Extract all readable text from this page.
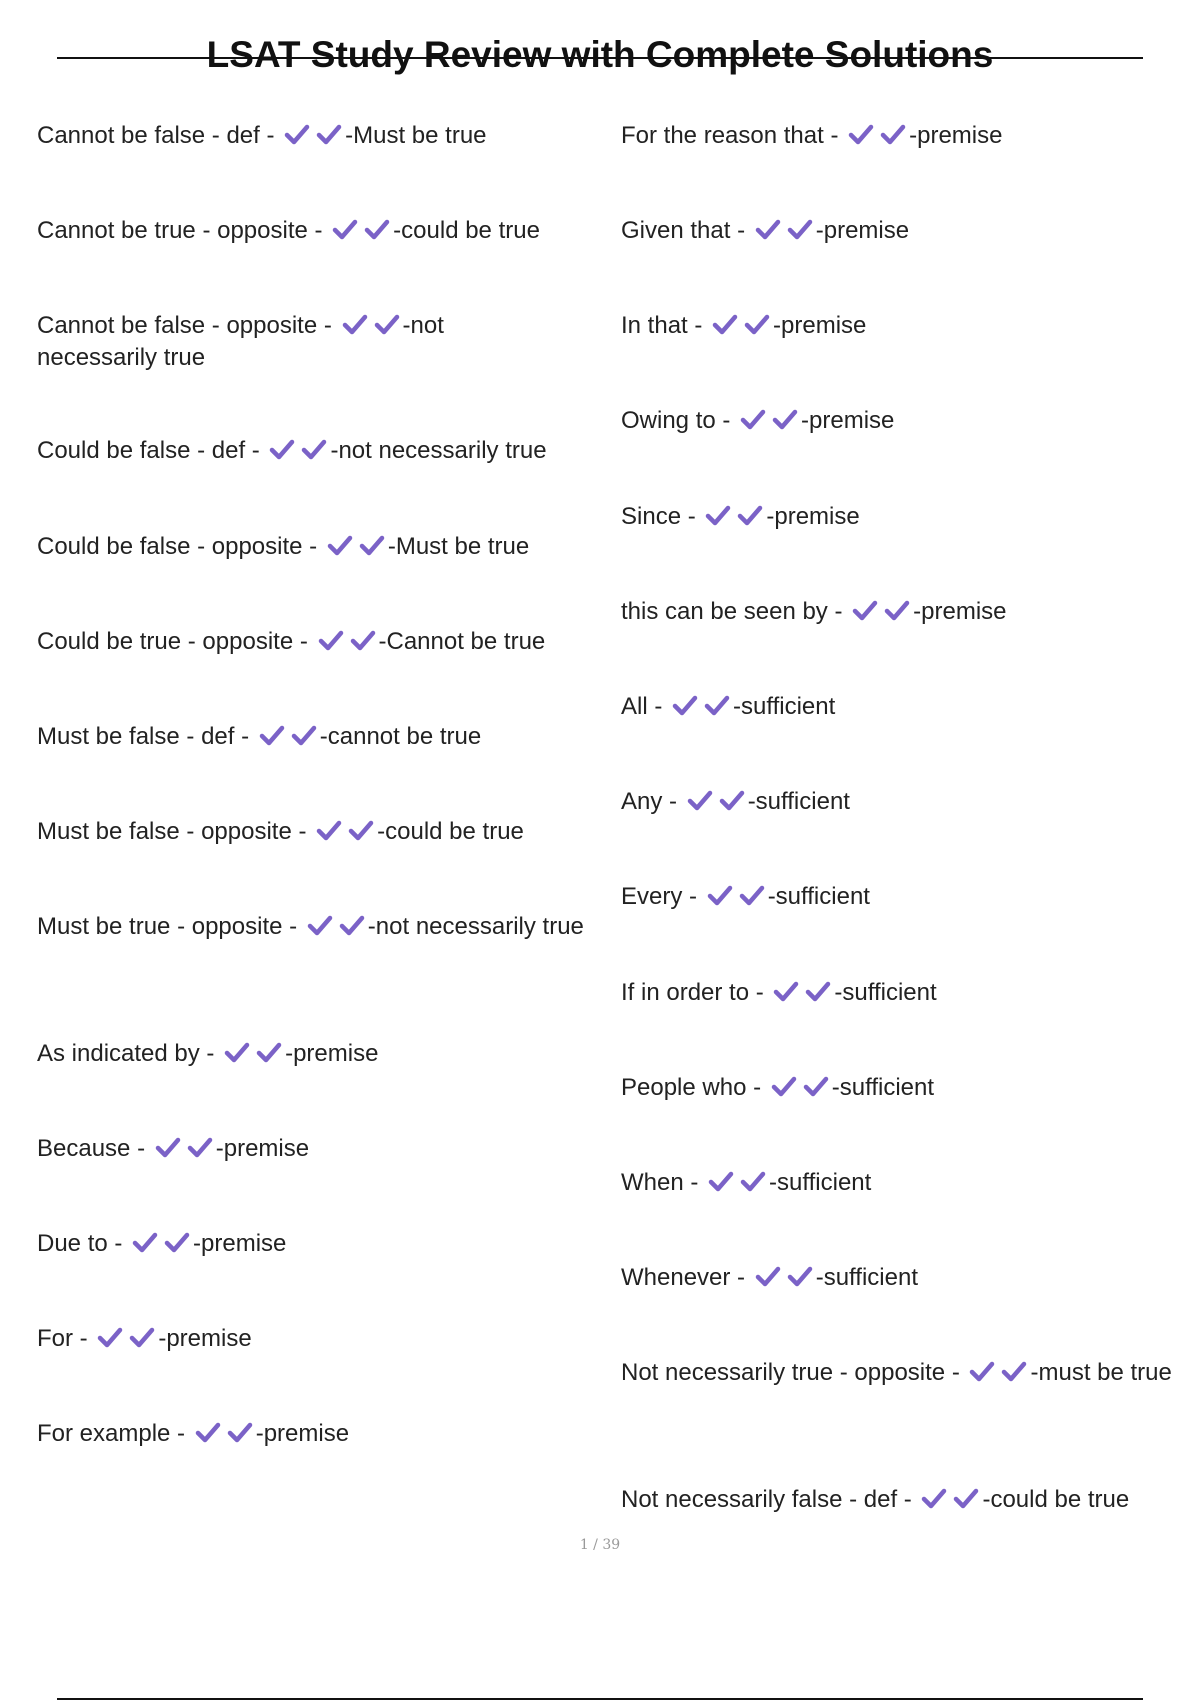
LSAT Study Review with Complete Solutions
Cannot be false - def -	-Must be true
Cannot be true - opposite -	-could be true
Cannot be false - opposite -	-not necessarily true
Could be false - def -	-not necessarily true
Could be false - opposite -	-Must be true
Could be true - opposite -	-Cannot be true
Must be false - def -	-cannot be true
Must be false - opposite -	-could be true
Must be true - opposite -	-not necessarily true
As indicated by -	-premise
Because -	-premise
Due to -	-premise
For -	-premise
For example -	-premise
For the reason that -	-premise
Given that -	-premise
In that -	-premise
Owing to -	-premise
Since -	-premise
this can be seen by -	-premise
All -	-sufficient
Any -	-sufficient
Every -	-sufficient
If in order to -	-sufficient
People who -	-sufficient
When -	-sufficient
Whenever -	-sufficient
Not necessarily true - opposite -	-must be true
Not necessarily false - def -	-could be true
1 / 39
